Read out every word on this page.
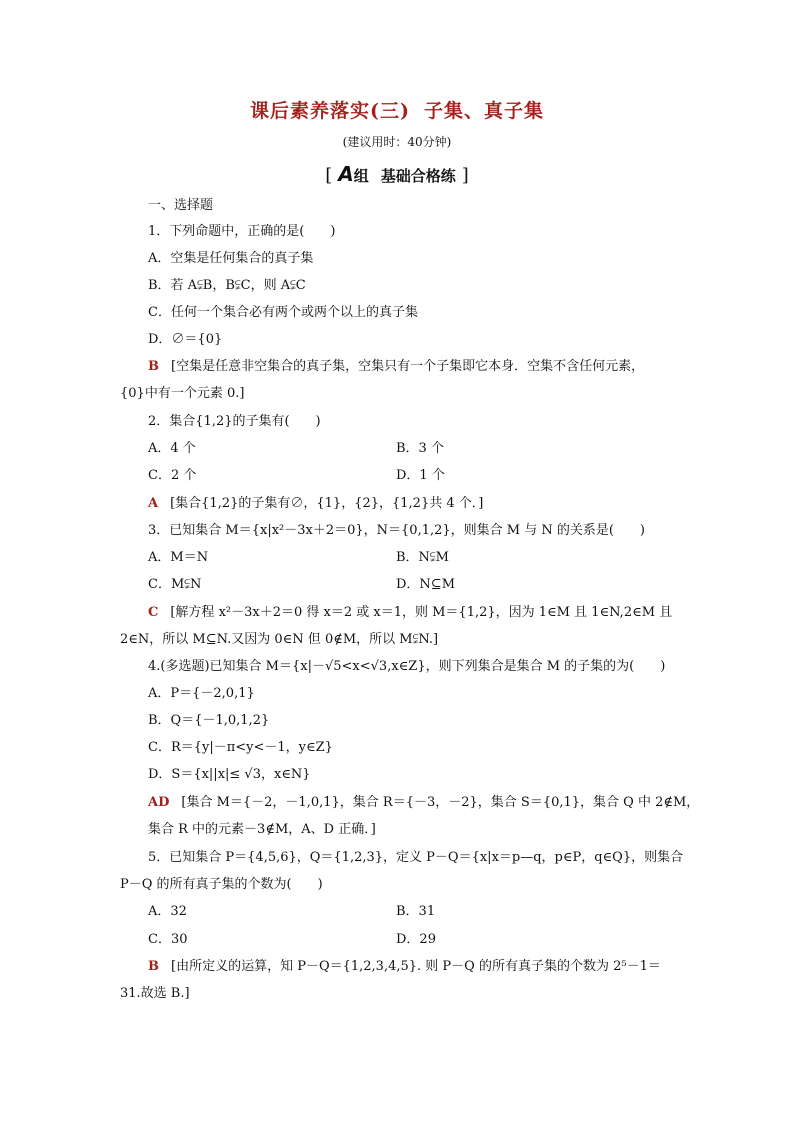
课后素养落实(三) 子集、真子集
(建议用时：40分钟)
[ A组 基础合格练 ]
一、选择题
1．下列命题中，正确的是(　　)
A．空集是任何集合的真子集
B．若 A⫋B，B⫋C，则 A⫋C
C．任何一个集合必有两个或两个以上的真子集
D．∅＝{0}
B [空集是任意非空集合的真子集，空集只有一个子集即它本身．空集不含任何元素，
{0}中有一个元素 0.]
2．集合{1,2}的子集有(　　)
A．4 个	B．3 个
C．2 个	D．1 个
A [集合{1,2}的子集有∅，{1}，{2}，{1,2}共 4 个．]
3．已知集合 M＝{x|x²－3x＋2＝0}，N＝{0,1,2}，则集合 M 与 N 的关系是(　　)
A．M＝N	B．N⫋M
C．M⫋N	D．N⊆M
C [解方程 x²－3x＋2＝0 得 x＝2 或 x＝1，则 M＝{1,2}，因为 1∈M 且 1∈N,2∈M 且
2∈N，所以 M⊆N.又因为 0∈N 但 0∉M，所以 M⫋N.]
4.(多选题)已知集合 M＝{x|－√5<x<√3,x∈Z}，则下列集合是集合 M 的子集的为(　　)
A．P＝{－2,0,1}
B．Q＝{－1,0,1,2}
C．R＝{y|－π<y<－1，y∈Z}
D．S＝{x||x|≤ √3，x∈N}
AD [集合 M＝{－2，－1,0,1}，集合 R＝{－3，－2}，集合 S＝{0,1}，集合 Q 中 2∉M，
集合 R 中的元素－3∉M，A、D 正确．]
5．已知集合 P＝{4,5,6}，Q＝{1,2,3}，定义 P－Q＝{x|x＝p—q，p∈P，q∈Q}，则集合
P－Q 的所有真子集的个数为(　　)
A．32	B．31
C．30	D．29
B [由所定义的运算，知 P－Q＝{1,2,3,4,5}. 则 P－Q 的所有真子集的个数为 2⁵－1＝
31.故选 B.]
